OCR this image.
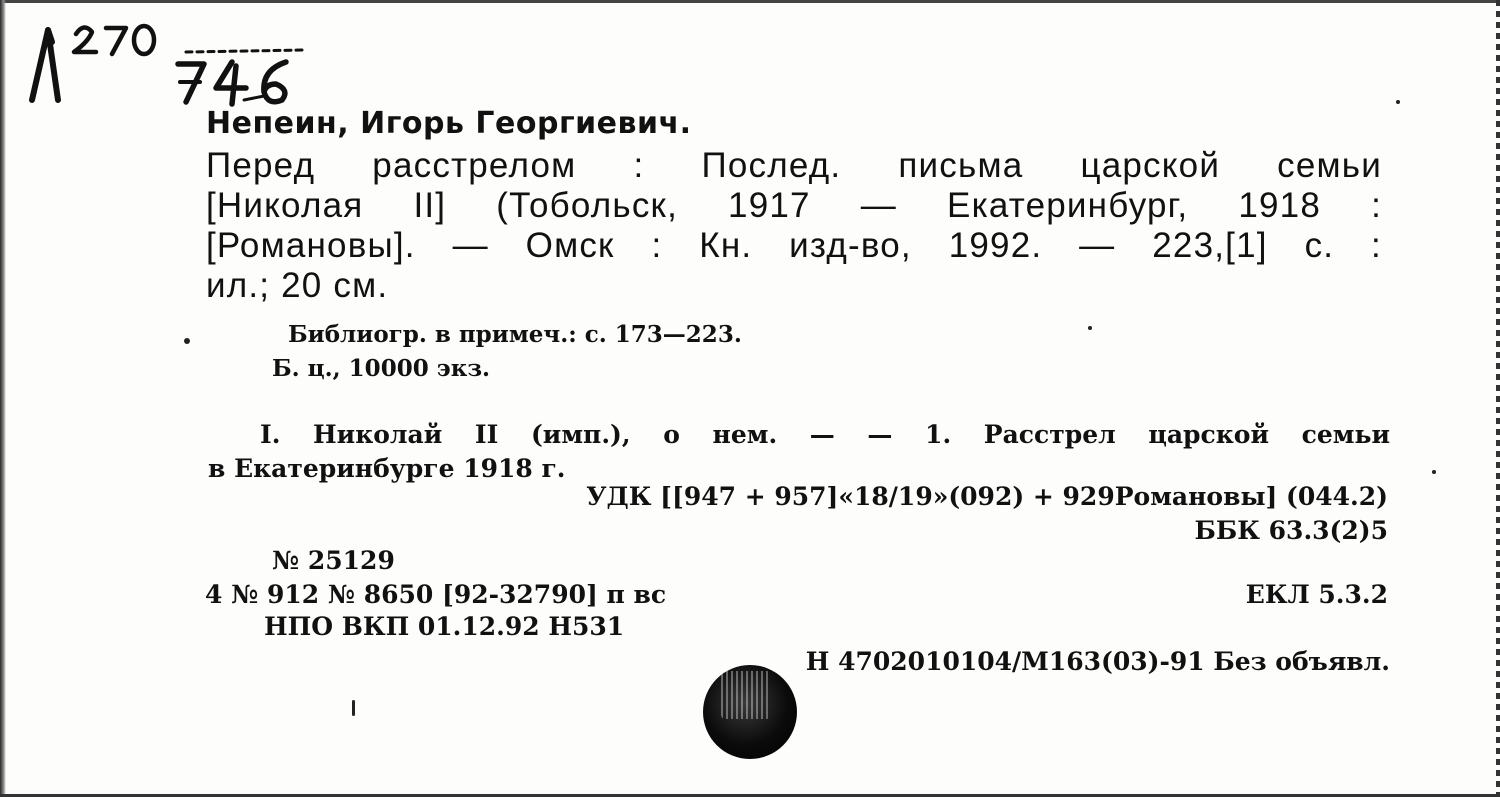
Непеин, Игорь Георгиевич.
Перед расстрелом : Послед. письма царской семьи
[Николая II] (Тобольск, 1917 — Екатеринбург, 1918 :
[Романовы]. — Омск : Кн. изд-во, 1992. — 223,[1] с. :
ил.; 20 см.
Библиогр. в примеч.: с. 173—223.
Б. ц., 10000 экз.
I. Николай II (имп.), о нем. — — 1. Расстрел царской семьи
в Екатеринбурге 1918 г.
УДК [[947 + 957]«18/19»(092) + 929Романовы] (044.2)
ББК 63.3(2)5
№ 25129
4 № 912 № 8650 [92-32790] п вс	ЕКЛ 5.3.2
НПО ВКП 01.12.92 Н531
Н 4702010104/М163(03)-91 Без объявл.
